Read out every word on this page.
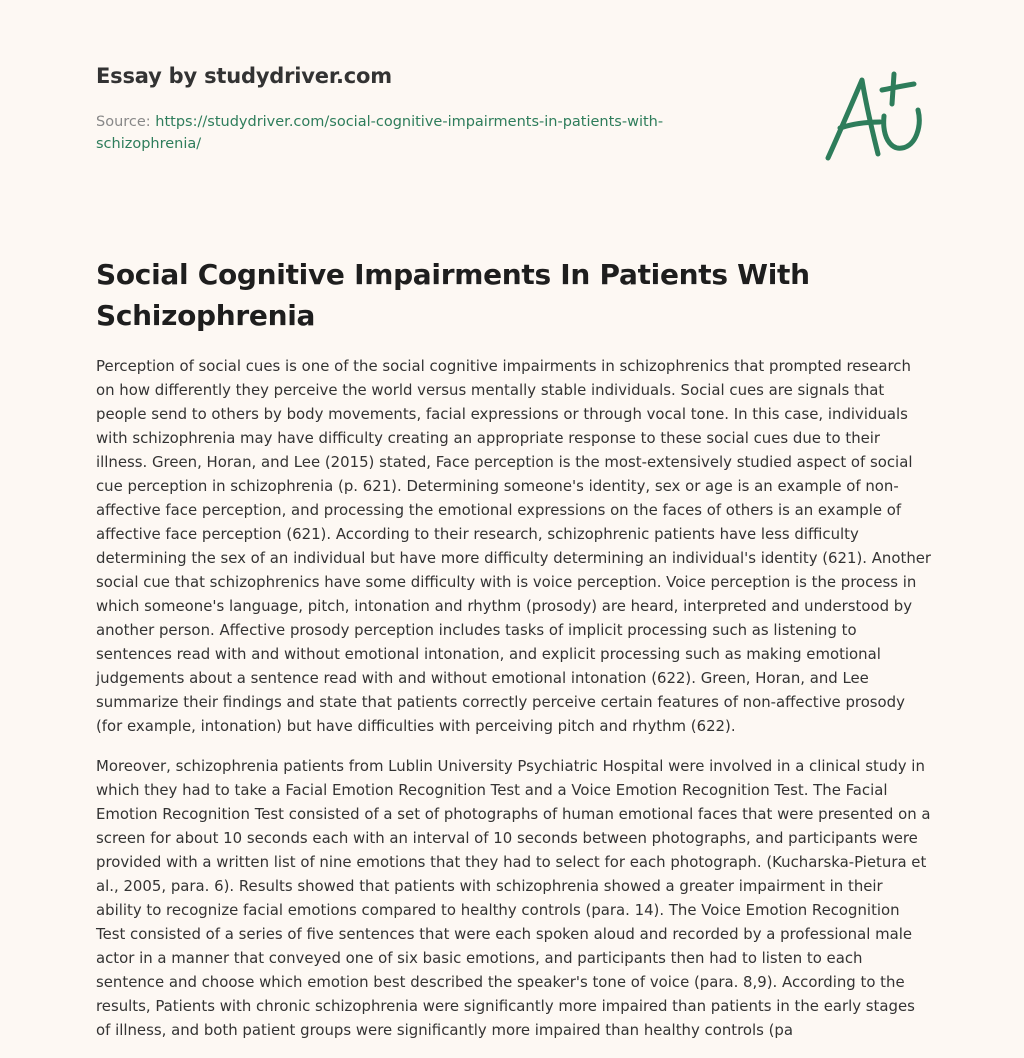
Essay by studydriver.com
Source: https://studydriver.com/social-cognitive-impairments-in-patients-with-schizophrenia/
Social Cognitive Impairments In Patients With Schizophrenia

Perception of social cues is one of the social cognitive impairments in schizophrenics that prompted research on how differently they perceive the world versus mentally stable individuals. Social cues are signals that people send to others by body movements, facial expressions or through vocal tone. In this case, individuals with schizophrenia may have difficulty creating an appropriate response to these social cues due to their illness. Green, Horan, and Lee (2015) stated, Face perception is the most-extensively studied aspect of social cue perception in schizophrenia (p. 621). Determining someone's identity, sex or age is an example of non-affective face perception, and processing the emotional expressions on the faces of others is an example of affective face perception (621). According to their research, schizophrenic patients have less difficulty determining the sex of an individual but have more difficulty determining an individual's identity (621). Another social cue that schizophrenics have some difficulty with is voice perception. Voice perception is the process in which someone's language, pitch, intonation and rhythm (prosody) are heard, interpreted and understood by another person. Affective prosody perception includes tasks of implicit processing such as listening to sentences read with and without emotional intonation, and explicit processing such as making emotional judgements about a sentence read with and without emotional intonation (622). Green, Horan, and Lee summarize their findings and state that patients correctly perceive certain features of non-affective prosody (for example, intonation) but have difficulties with perceiving pitch and rhythm (622).

Moreover, schizophrenia patients from Lublin University Psychiatric Hospital were involved in a clinical study in which they had to take a Facial Emotion Recognition Test and a Voice Emotion Recognition Test. The Facial Emotion Recognition Test consisted of a set of photographs of human emotional faces that were presented on a screen for about 10 seconds each with an interval of 10 seconds between photographs, and participants were provided with a written list of nine emotions that they had to select for each photograph. (Kucharska-Pietura et al., 2005, para. 6). Results showed that patients with schizophrenia showed a greater impairment in their ability to recognize facial emotions compared to healthy controls (para. 14). The Voice Emotion Recognition Test consisted of a series of five sentences that were each spoken aloud and recorded by a professional male actor in a manner that conveyed one of six basic emotions, and participants then had to listen to each sentence and choose which emotion best described the speaker's tone of voice (para. 8,9). According to the results, Patients with chronic schizophrenia were significantly more impaired than patients in the early stages of illness, and both patient groups were significantly more impaired than healthy controls (pa
